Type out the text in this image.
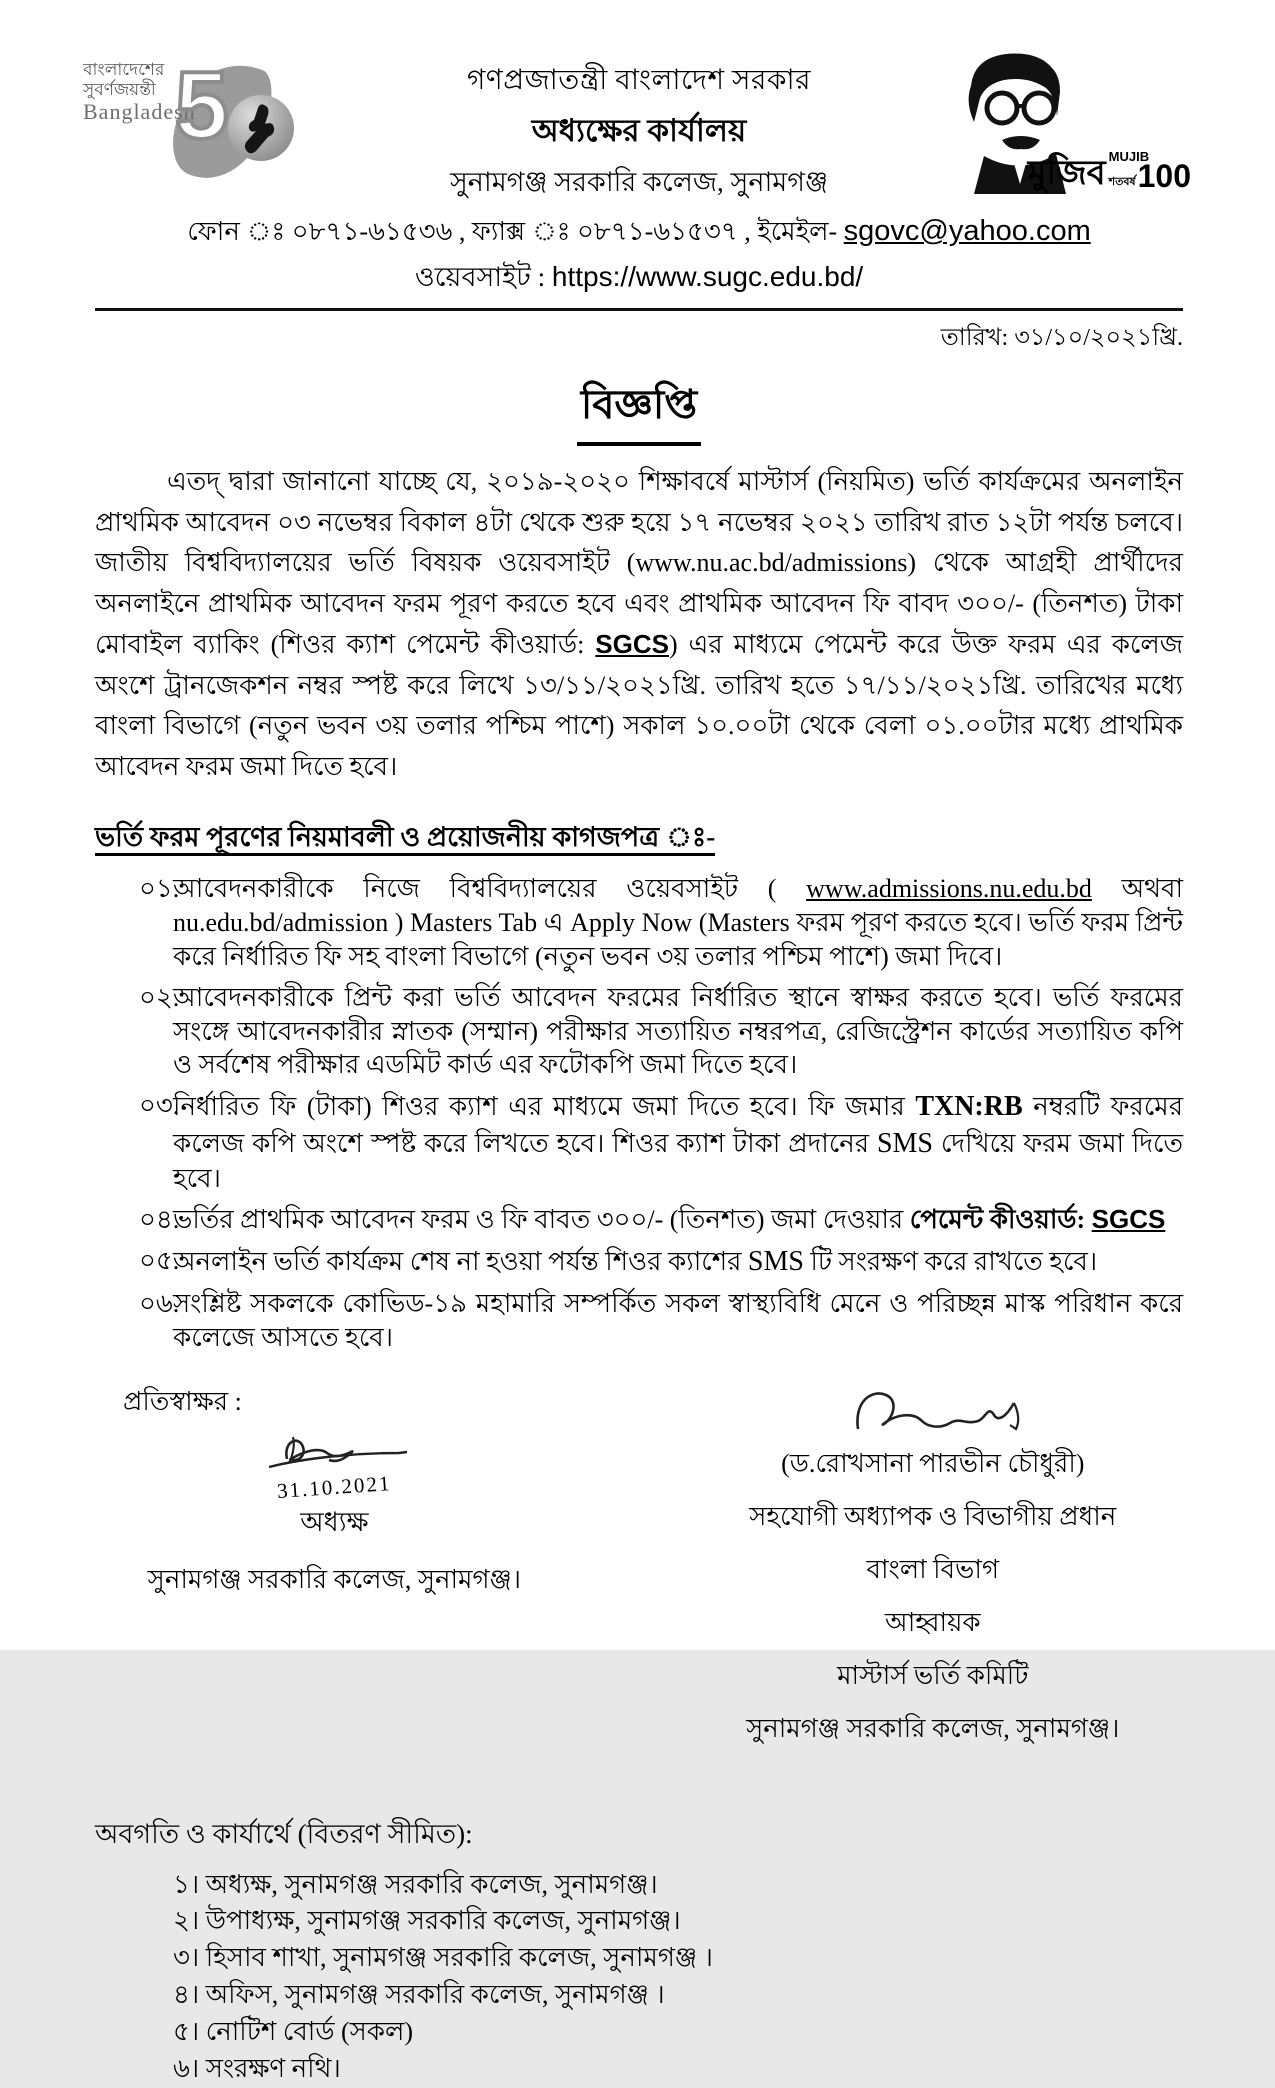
বাংলাদেশের
সুবর্ণজয়ন্তী
Bangladesh
5
মুজিব MUJIB
শতবর্ষ 100
গণপ্রজাতন্ত্রী বাংলাদেশ সরকার
অধ্যক্ষের কার্যালয়
সুনামগঞ্জ সরকারি কলেজ, সুনামগঞ্জ
ফোন ঃ ০৮৭১-৬১৫৩৬ , ফ্যাক্স ঃ ০৮৭১-৬১৫৩৭ , ইমেইল- sgovc@yahoo.com
ওয়েবসাইট : https://www.sugc.edu.bd/
তারিখ: ৩১/১০/২০২১খ্রি.
বিজ্ঞপ্তি
এতদ্ দ্বারা জানানো যাচ্ছে যে, ২০১৯-২০২০ শিক্ষাবর্ষে মাস্টার্স (নিয়মিত) ভর্তি কার্যক্রমের অনলাইন প্রাথমিক আবেদন ০৩ নভেম্বর বিকাল ৪টা থেকে শুরু হয়ে ১৭ নভেম্বর ২০২১ তারিখ রাত ১২টা পর্যন্ত চলবে। জাতীয় বিশ্ববিদ্যালয়ের ভর্তি বিষয়ক ওয়েবসাইট (www.nu.ac.bd/admissions) থেকে আগ্রহী প্রার্থীদের অনলাইনে প্রাথমিক আবেদন ফরম পূরণ করতে হবে এবং প্রাথমিক আবেদন ফি বাবদ ৩০০/- (তিনশত) টাকা মোবাইল ব্যাকিং (শিওর ক্যাশ পেমেন্ট কীওয়ার্ড: SGCS) এর মাধ্যমে পেমেন্ট করে উক্ত ফরম এর কলেজ অংশে ট্রানজেকশন নম্বর স্পষ্ট করে লিখে ১৩/১১/২০২১খ্রি. তারিখ হতে ১৭/১১/২০২১খ্রি. তারিখের মধ্যে বাংলা বিভাগে (নতুন ভবন ৩য় তলার পশ্চিম পাশে) সকাল ১০.০০টা থেকে বেলা ০১.০০টার মধ্যে প্রাথমিক আবেদন ফরম জমা দিতে হবে।
ভর্তি ফরম পূরণের নিয়মাবলী ও প্রয়োজনীয় কাগজপত্র ঃ-
০১.
আবেদনকারীকে নিজে বিশ্ববিদ্যালয়ের ওয়েবসাইট ( www.admissions.nu.edu.bd অথবা nu.edu.bd/admission ) Masters Tab এ Apply Now (Masters ফরম পূরণ করতে হবে। ভর্তি ফরম প্রিন্ট করে নির্ধারিত ফি সহ বাংলা বিভাগে (নতুন ভবন ৩য় তলার পশ্চিম পাশে) জমা দিবে।
০২.
আবেদনকারীকে প্রিন্ট করা ভর্তি আবেদন ফরমের নির্ধারিত স্থানে স্বাক্ষর করতে হবে। ভর্তি ফরমের সংঙ্গে আবেদনকারীর স্নাতক (সম্মান) পরীক্ষার সত্যায়িত নম্বরপত্র, রেজিস্ট্রেশন কার্ডের সত্যায়িত কপি ও সর্বশেষ পরীক্ষার এডমিট কার্ড এর ফটোকপি জমা দিতে হবে।
০৩.
নির্ধারিত ফি (টাকা) শিওর ক্যাশ এর মাধ্যমে জমা দিতে হবে। ফি জমার TXN:RB নম্বরটি ফরমের কলেজ কপি অংশে স্পষ্ট করে লিখতে হবে। শিওর ক্যাশ টাকা প্রদানের SMS দেখিয়ে ফরম জমা দিতে হবে।
০৪.
ভর্তির প্রাথমিক আবেদন ফরম ও ফি বাবত ৩০০/- (তিনশত) জমা দেওয়ার পেমেন্ট কীওয়ার্ড: SGCS
০৫.
অনলাইন ভর্তি কার্যক্রম শেষ না হওয়া পর্যন্ত শিওর ক্যাশের SMS টি সংরক্ষণ করে রাখতে হবে।
০৬.
সংশ্লিষ্ট সকলকে কোভিড-১৯ মহামারি সম্পর্কিত সকল স্বাস্থ্যবিধি মেনে ও পরিচ্ছন্ন মাস্ক পরিধান করে কলেজে আসতে হবে।
প্রতিস্বাক্ষর :
31.10.2021
অধ্যক্ষ
সুনামগঞ্জ সরকারি কলেজ, সুনামগঞ্জ।
(ড.রোখসানা পারভীন চৌধুরী)
সহযোগী অধ্যাপক ও বিভাগীয় প্রধান
বাংলা বিভাগ
আহ্বায়ক
মাস্টার্স ভর্তি কমিটি
সুনামগঞ্জ সরকারি কলেজ, সুনামগঞ্জ।
অবগতি ও কার্যার্থে (বিতরণ সীমিত):
১। অধ্যক্ষ, সুনামগঞ্জ সরকারি কলেজ, সুনামগঞ্জ।
২। উপাধ্যক্ষ, সুনামগঞ্জ সরকারি কলেজ, সুনামগঞ্জ।
৩। হিসাব শাখা, সুনামগঞ্জ সরকারি কলেজ, সুনামগঞ্জ ।
৪। অফিস, সুনামগঞ্জ সরকারি কলেজ, সুনামগঞ্জ ।
৫। নোটিশ বোর্ড (সকল)
৬। সংরক্ষণ নথি।
